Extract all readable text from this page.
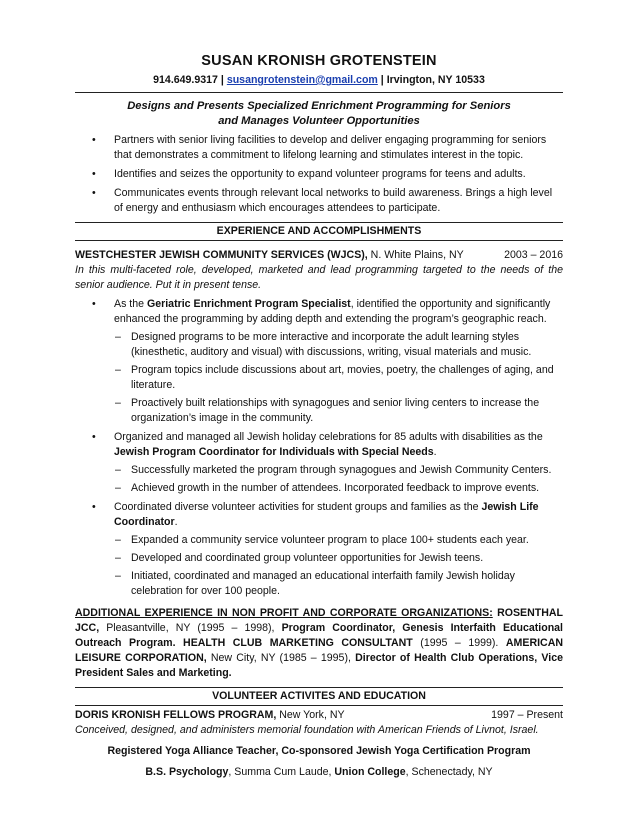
SUSAN KRONISH GROTENSTEIN
914.649.9317 | susangrotenstein@gmail.com | Irvington, NY 10533
Designs and Presents Specialized Enrichment Programming for Seniors
and Manages Volunteer Opportunities
• Partners with senior living facilities to develop and deliver engaging programming for seniors that demonstrates a commitment to lifelong learning and stimulates interest in the topic.
• Identifies and seizes the opportunity to expand volunteer programs for teens and adults.
• Communicates events through relevant local networks to build awareness. Brings a high level of energy and enthusiasm which encourages attendees to participate.
EXPERIENCE AND ACCOMPLISHMENTS
WESTCHESTER JEWISH COMMUNITY SERVICES (WJCS), N. White Plains, NY	2003 – 2016
In this multi-faceted role, developed, marketed and lead programming targeted to the needs of the senior audience. Put it in present tense.
• As the Geriatric Enrichment Program Specialist, identified the opportunity and significantly enhanced the programming by adding depth and extending the program’s geographic reach.
– Designed programs to be more interactive and incorporate the adult learning styles (kinesthetic, auditory and visual) with discussions, writing, visual materials and music.
– Program topics include discussions about art, movies, poetry, the challenges of aging, and literature.
– Proactively built relationships with synagogues and senior living centers to increase the organization’s image in the community.
• Organized and managed all Jewish holiday celebrations for 85 adults with disabilities as the Jewish Program Coordinator for Individuals with Special Needs.
– Successfully marketed the program through synagogues and Jewish Community Centers.
– Achieved growth in the number of attendees. Incorporated feedback to improve events.
• Coordinated diverse volunteer activities for student groups and families as the Jewish Life Coordinator.
– Expanded a community service volunteer program to place 100+ students each year.
– Developed and coordinated group volunteer opportunities for Jewish teens.
– Initiated, coordinated and managed an educational interfaith family Jewish holiday celebration for over 100 people.
ADDITIONAL EXPERIENCE IN NON PROFIT AND CORPORATE ORGANIZATIONS: ROSENTHAL JCC, Pleasantville, NY (1995 – 1998), Program Coordinator, Genesis Interfaith Educational Outreach Program. HEALTH CLUB MARKETING CONSULTANT (1995 – 1999). AMERICAN LEISURE CORPORATION, New City, NY (1985 – 1995), Director of Health Club Operations, Vice President Sales and Marketing.
VOLUNTEER ACTIVITES AND EDUCATION
DORIS KRONISH FELLOWS PROGRAM, New York, NY	1997 – Present
Conceived, designed, and administers memorial foundation with American Friends of Livnot, Israel.
Registered Yoga Alliance Teacher, Co-sponsored Jewish Yoga Certification Program
B.S. Psychology, Summa Cum Laude, Union College, Schenectady, NY
